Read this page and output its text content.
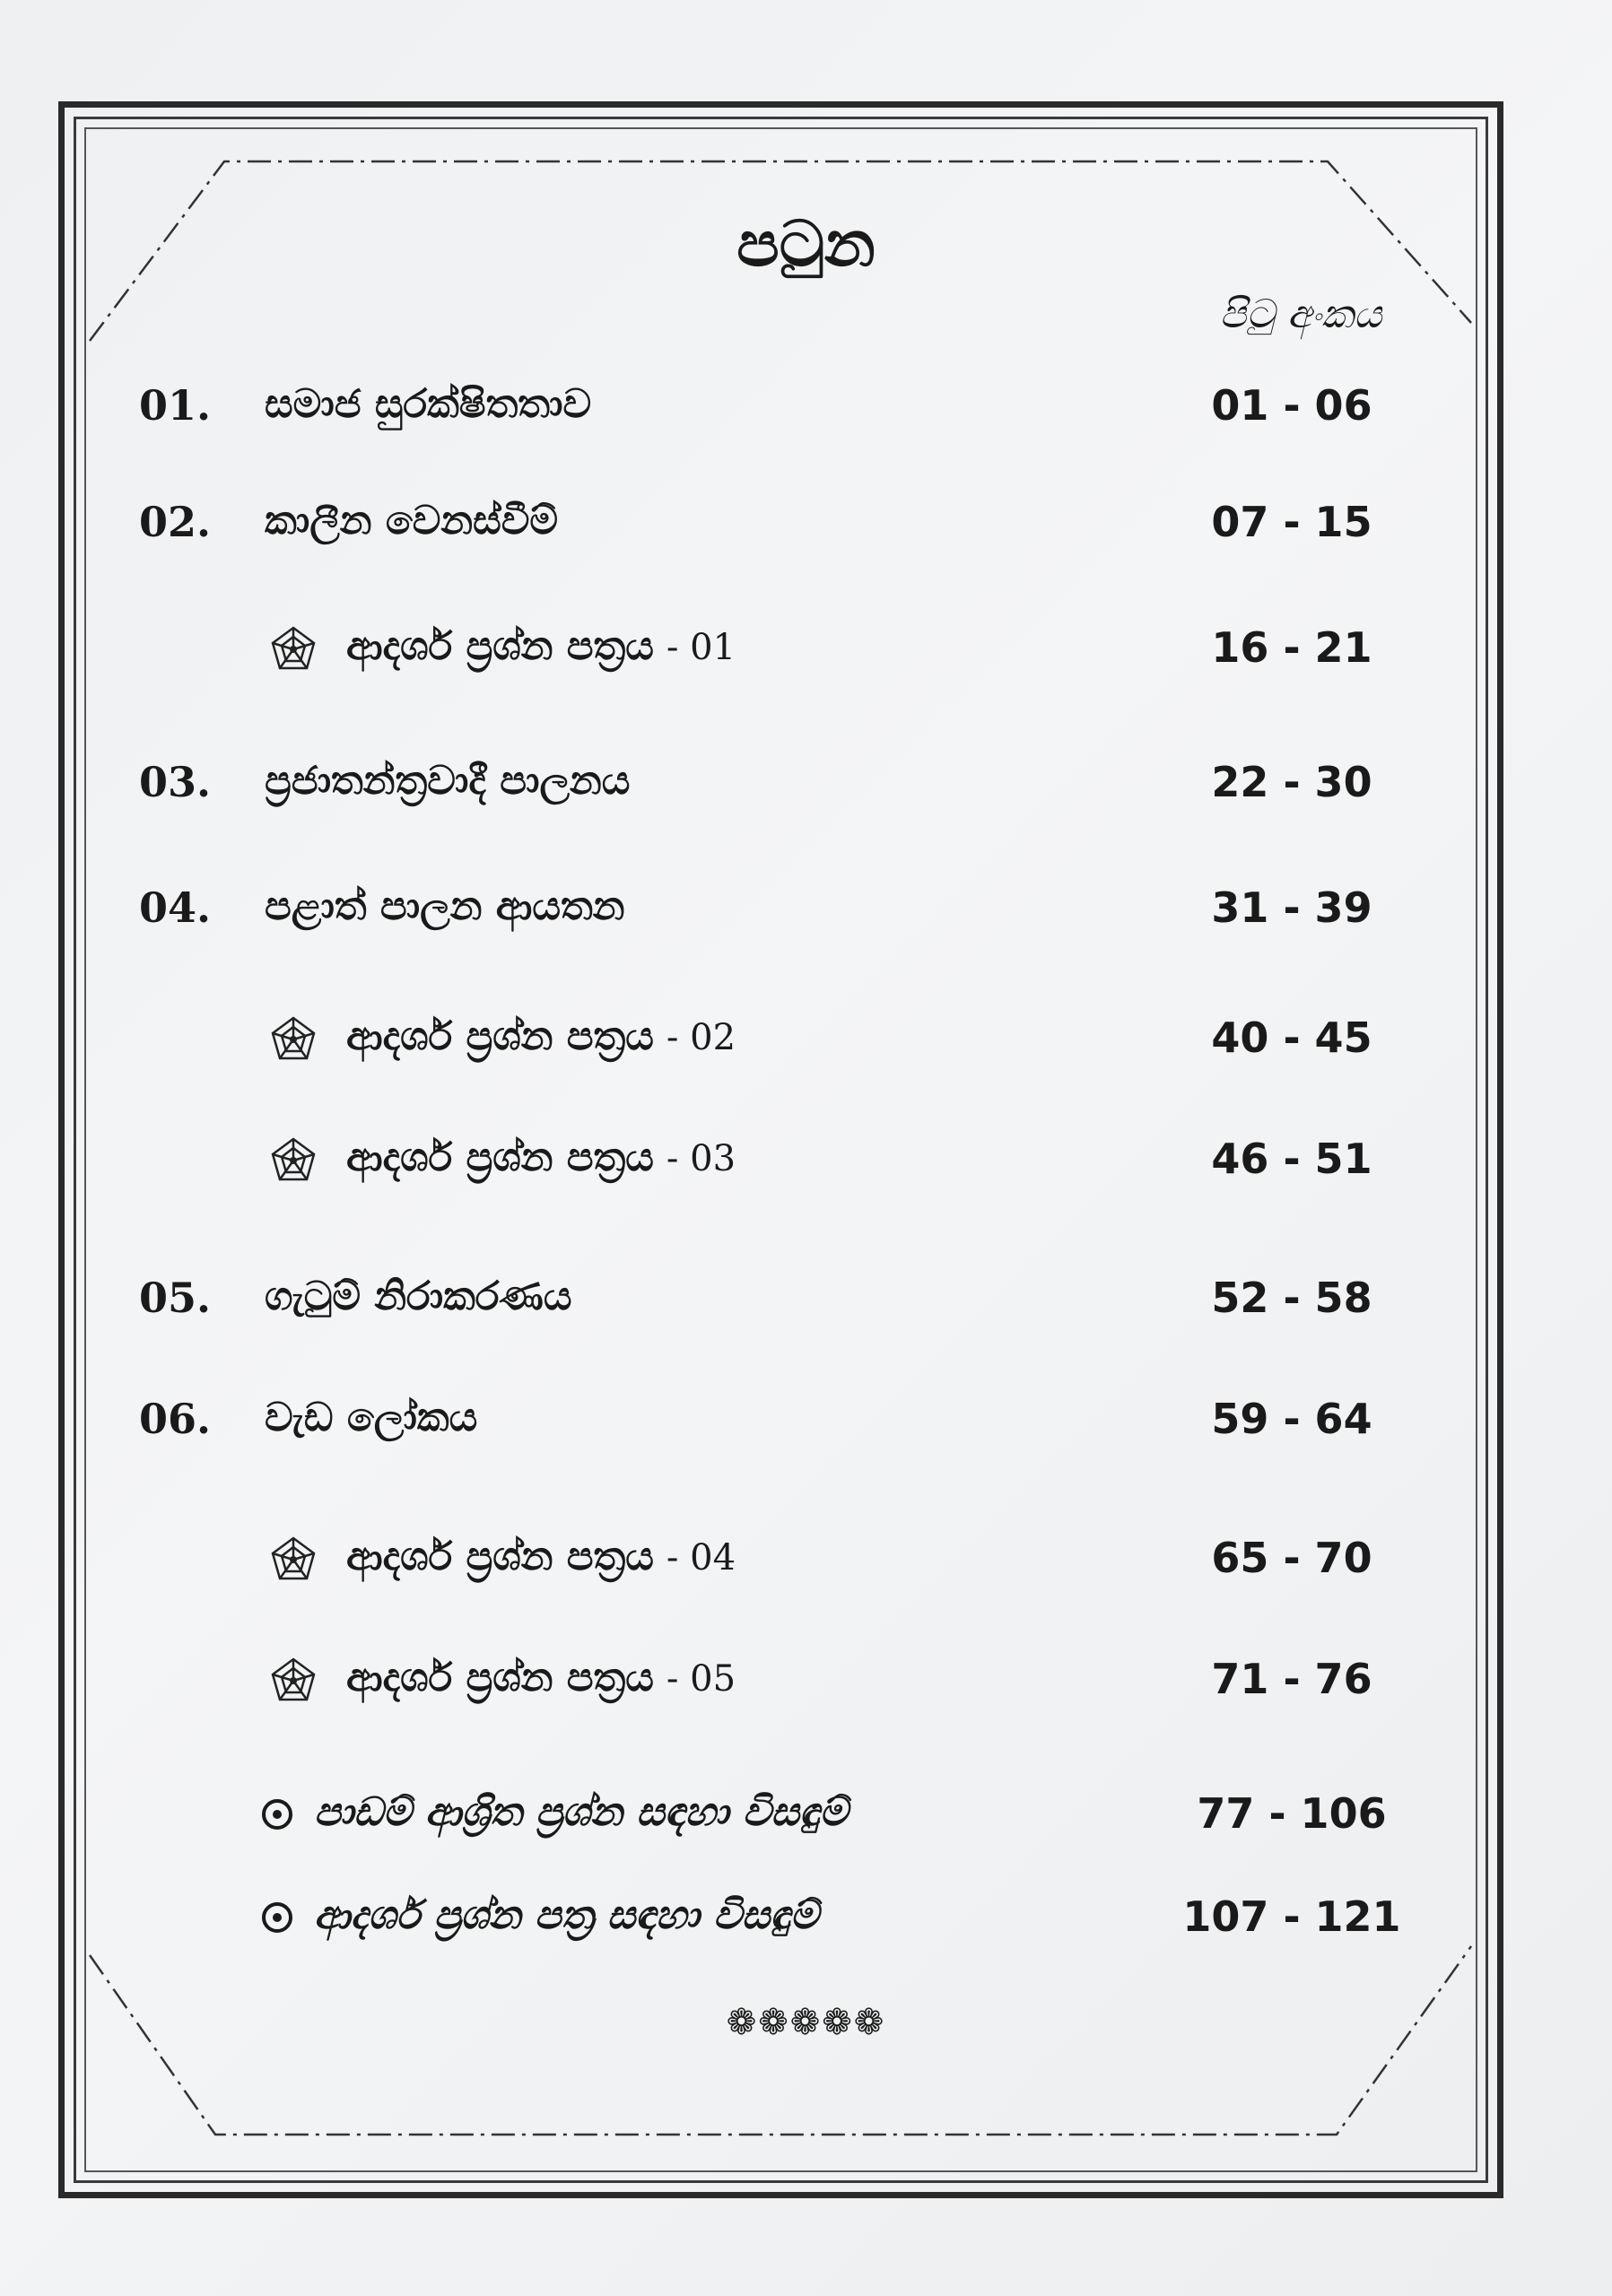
පටුන
පිටු අංකය
01. සමාජ සුරක්ෂිතතාව	01 - 06
02. කාලීන වෙනස්වීම්	07 - 15
ආදර්ශ ප්‍රශ්න පත්‍රය - 01	16 - 21
03. ප්‍රජාතන්ත්‍රවාදී පාලනය	22 - 30
04. පළාත් පාලන ආයතන	31 - 39
ආදර්ශ ප්‍රශ්න පත්‍රය - 02	40 - 45
ආදර්ශ ප්‍රශ්න පත්‍රය - 03	46 - 51
05. ගැටුම් නිරාකරණය	52 - 58
06. වැඩ ලෝකය	59 - 64
ආදර්ශ ප්‍රශ්න පත්‍රය - 04	65 - 70
ආදර්ශ ප්‍රශ්න පත්‍රය - 05	71 - 76
පාඩම් ආශ්‍රිත ප්‍රශ්න සඳහා විසඳුම්	77 - 106
ආදර්ශ ප්‍රශ්න පත්‍ර සඳහා විසඳුම්	107 - 121
❁❁❁❁❁
